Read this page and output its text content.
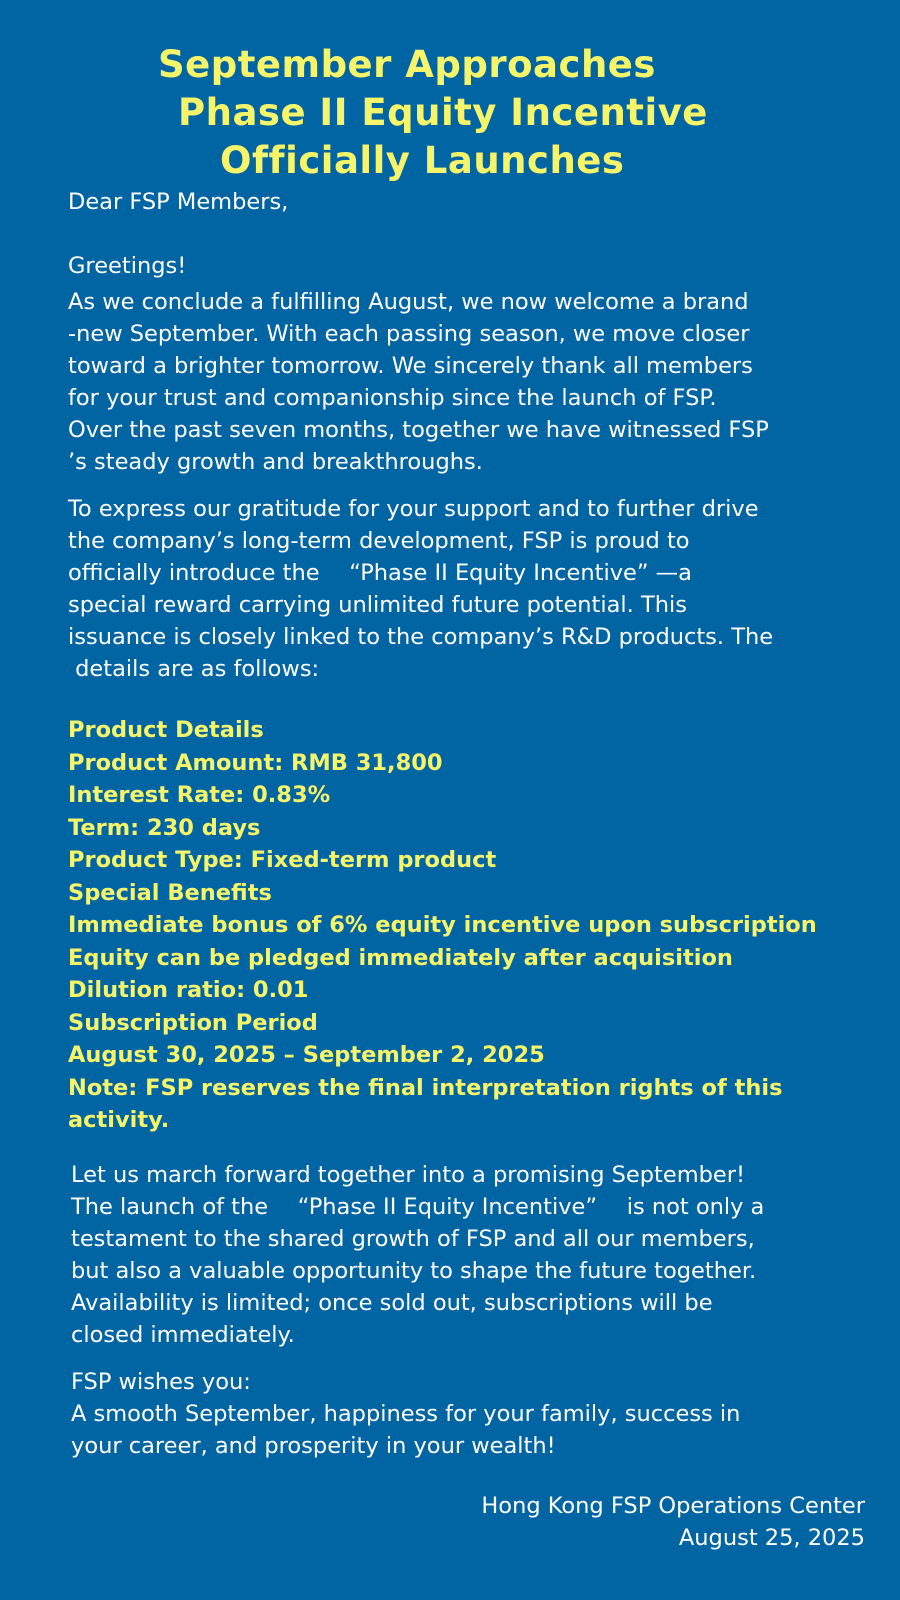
September Approaches
Phase II Equity Incentive
Officially Launches
Dear FSP Members,
Greetings!
As we conclude a fulfilling August, we now welcome a brand
-new September. With each passing season, we move closer
toward a brighter tomorrow. We sincerely thank all members
for your trust and companionship since the launch of FSP.
Over the past seven months, together we have witnessed FSP
’s steady growth and breakthroughs.
To express our gratitude for your support and to further drive
the company’s long-term development, FSP is proud to
officially introduce the 　“Phase II Equity Incentive” —a
special reward carrying unlimited future potential. This
issuance is closely linked to the company’s R&D products. The
details are as follows:
Product Details
Product Amount: RMB 31,800
Interest Rate: 0.83%
Term: 230 days
Product Type: Fixed-term product
Special Benefits
Immediate bonus of 6% equity incentive upon subscription
Equity can be pledged immediately after acquisition
Dilution ratio: 0.01
Subscription Period
August 30, 2025 – September 2, 2025
Note: FSP reserves the final interpretation rights of this
activity.
Let us march forward together into a promising September!
The launch of the 　“Phase II Equity Incentive” 　is not only a
testament to the shared growth of FSP and all our members,
but also a valuable opportunity to shape the future together.
Availability is limited; once sold out, subscriptions will be
closed immediately.
FSP wishes you:
A smooth September, happiness for your family, success in
your career, and prosperity in your wealth!
Hong Kong FSP Operations Center
August 25, 2025
